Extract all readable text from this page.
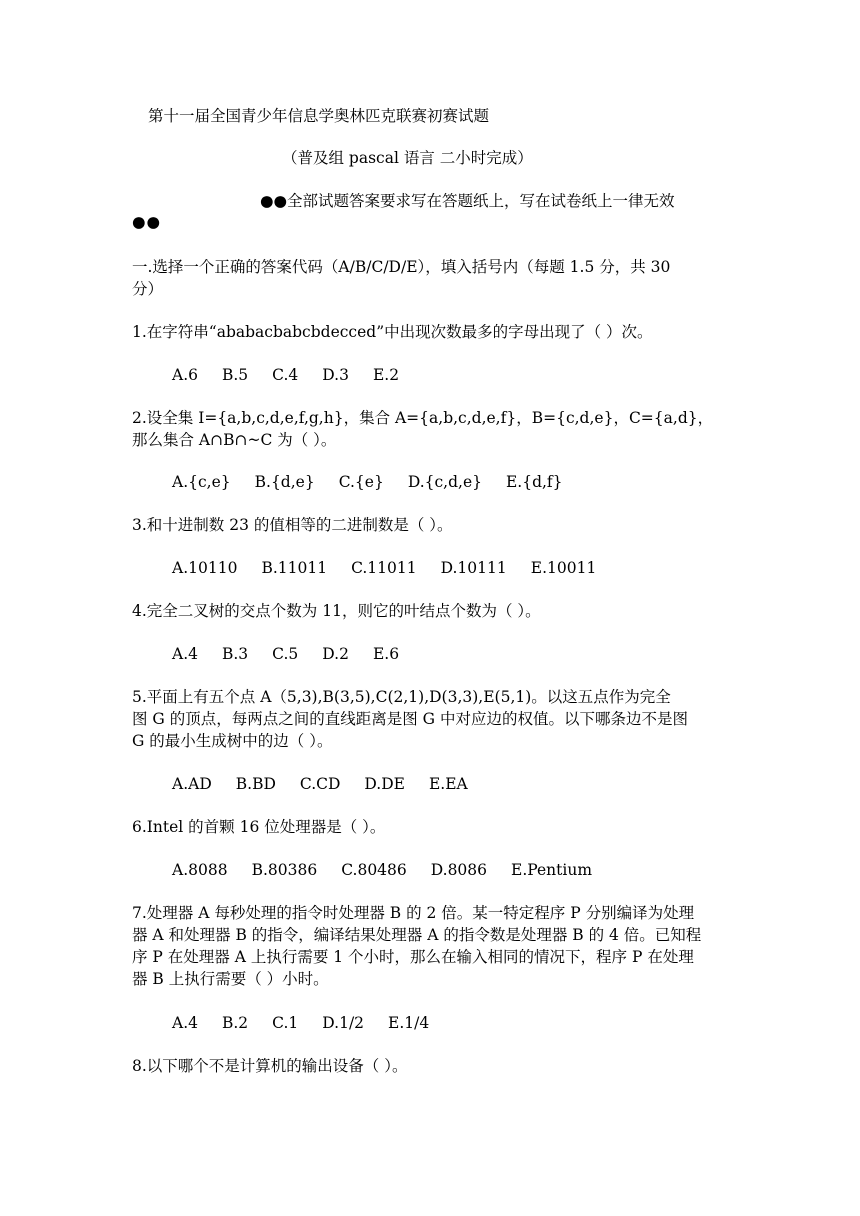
第十一届全国青少年信息学奥林匹克联赛初赛试题
（普及组 pascal 语言 二小时完成）
●●全部试题答案要求写在答题纸上，写在试卷纸上一律无效
●●
一.选择一个正确的答案代码（A/B/C/D/E），填入括号内（每题 1.5 分，共 30
分）
1.在字符串“ababacbabcbdecced”中出现次数最多的字母出现了（ ）次。
A.6 B.5 C.4 D.3 E.2
2.设全集 I={a,b,c,d,e,f,g,h}，集合 A={a,b,c,d,e,f}，B={c,d,e}，C={a,d}，
那么集合 A∩B∩~C 为（ ）。
A.{c,e} B.{d,e} C.{e} D.{c,d,e} E.{d,f}
3.和十进制数 23 的值相等的二进制数是（ ）。
A.10110 B.11011 C.11011 D.10111 E.10011
4.完全二叉树的交点个数为 11，则它的叶结点个数为（ ）。
A.4 B.3 C.5 D.2 E.6
5.平面上有五个点 A（5,3),B(3,5),C(2,1),D(3,3),E(5,1)。以这五点作为完全
图 G 的顶点，每两点之间的直线距离是图 G 中对应边的权值。以下哪条边不是图
G 的最小生成树中的边（ ）。
A.AD B.BD C.CD D.DE E.EA
6.Intel 的首颗 16 位处理器是（ ）。
A.8088 B.80386 C.80486 D.8086 E.Pentium
7.处理器 A 每秒处理的指令时处理器 B 的 2 倍。某一特定程序 P 分别编译为处理
器 A 和处理器 B 的指令，编译结果处理器 A 的指令数是处理器 B 的 4 倍。已知程
序 P 在处理器 A 上执行需要 1 个小时，那么在输入相同的情况下，程序 P 在处理
器 B 上执行需要（ ）小时。
A.4 B.2 C.1 D.1/2 E.1/4
8.以下哪个不是计算机的输出设备（ ）。
